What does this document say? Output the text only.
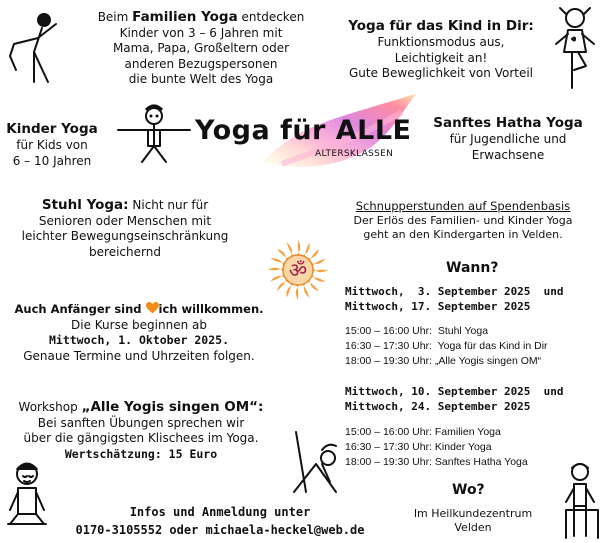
Beim Familien Yoga entdecken
Kinder von 3 – 6 Jahren mit
Mama, Papa, Großeltern oder
anderen Bezugspersonen
die bunte Welt des Yoga
Yoga für das Kind in Dir:
Funktionsmodus aus,
Leichtigkeit an!
Gute Beweglichkeit von Vorteil
Kinder Yoga
für Kids von
6 – 10 Jahren
Yoga für ALLE
ALTERSKLASSEN
Sanftes Hatha Yoga
für Jugendliche und
Erwachsene
Stuhl Yoga: Nicht nur für
Senioren oder Menschen mit
leichter Bewegungseinschränkung
bereichernd
Schnupperstunden auf Spendenbasis
Der Erlös des Familien- und Kinder Yoga
geht an den Kindergarten in Velden.
ॐ	Wann?
Mittwoch,  3. September 2025  und
Mittwoch, 17. September 2025
15:00 – 16:00 Uhr:  Stuhl Yoga
16:30 – 17:30 Uhr:  Yoga für das Kind in Dir
18:00 – 19:30 Uhr: „Alle Yogis singen OM“
Mittwoch, 10. September 2025  und
Mittwoch, 24. September 2025
15:00 – 16:00 Uhr: Familien Yoga
16:30 – 17:30 Uhr: Kinder Yoga
18:00 – 19:30 Uhr: Sanftes Hatha Yoga
Auch Anfänger sind ich willkommen.
Die Kurse beginnen ab
Mittwoch, 1. Oktober 2025.
Genaue Termine und Uhrzeiten folgen.
Workshop „Alle Yogis singen OM“:
Bei sanften Übungen sprechen wir
über die gängigsten Klischees im Yoga.
Wertschätzung: 15 Euro
Infos und Anmeldung unter
0170-3105552 oder michaela-heckel@web.de
Wo?
Im Heilkundezentrum
Velden
